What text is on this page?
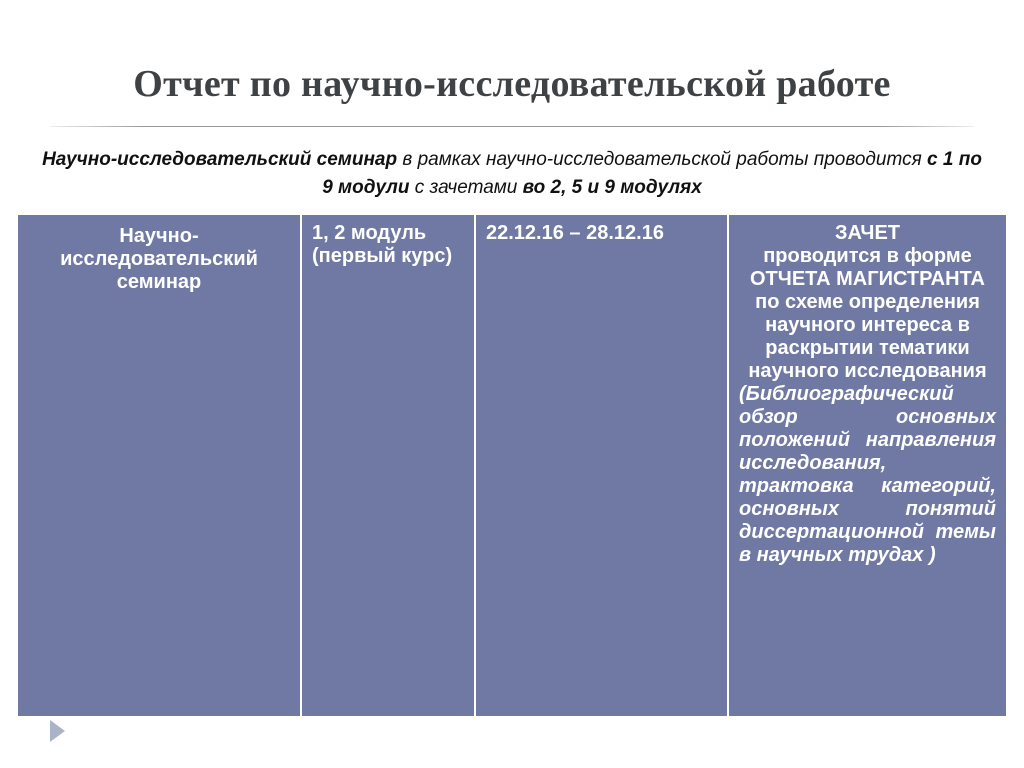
Отчет по научно-исследовательской работе
Научно-исследовательский семинар в рамках научно-исследовательской работы проводится с 1 по 9 модули с зачетами во 2, 5 и 9 модулях
Научно-исследовательский семинар	1, 2 модуль (первый курс)	22.12.16 – 28.12.16	ЗАЧЕТ
проводится в форме ОТЧЕТА МАГИСТРАНТА по схеме определения научного интереса в раскрытии тематики научного исследования
(Библиографический обзор основных положений направления исследования, трактовка категорий, основных понятий диссертационной темы в научных трудах )
